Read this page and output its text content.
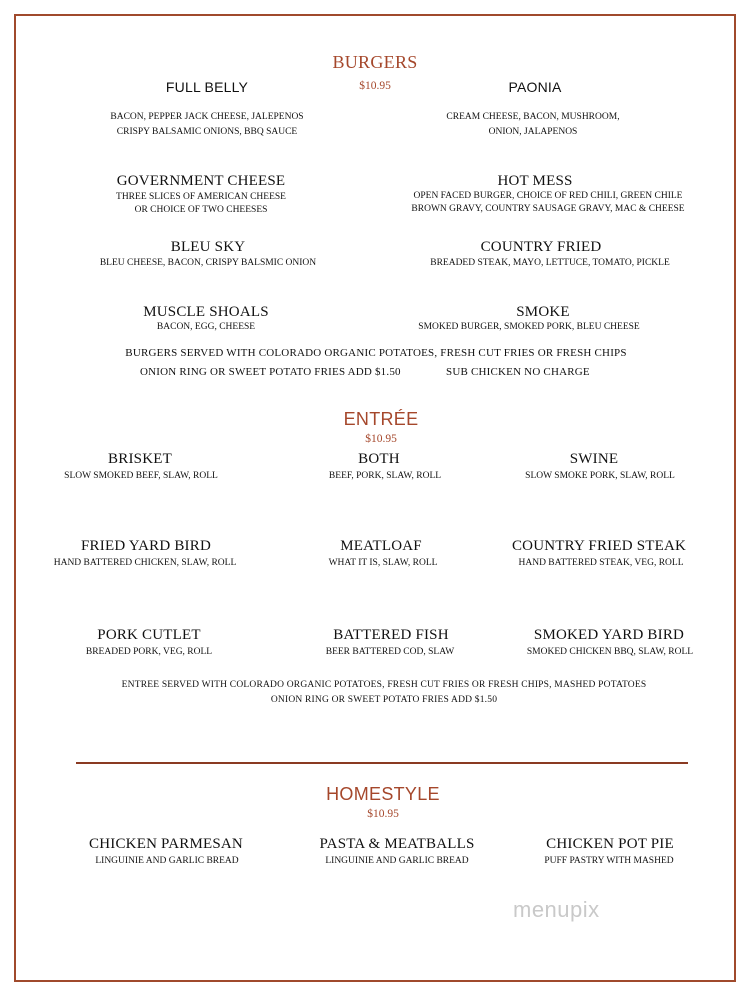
BURGERS
$10.95
FULL BELLY
BACON, PEPPER JACK CHEESE, JALEPENOS
CRISPY BALSAMIC ONIONS, BBQ SAUCE
PAONIA
CREAM CHEESE, BACON, MUSHROOM,
ONION, JALAPENOS
GOVERNMENT CHEESE
THREE SLICES OF AMERICAN CHEESE
OR CHOICE OF TWO CHEESES
HOT MESS
OPEN FACED BURGER, CHOICE OF RED CHILI, GREEN CHILE
BROWN GRAVY, COUNTRY SAUSAGE GRAVY, MAC & CHEESE
BLEU SKY
BLEU CHEESE, BACON, CRISPY BALSMIC ONION
COUNTRY FRIED
BREADED STEAK, MAYO, LETTUCE, TOMATO, PICKLE
MUSCLE SHOALS
BACON, EGG, CHEESE
SMOKE
SMOKED BURGER, SMOKED PORK, BLEU CHEESE
BURGERS SERVED WITH COLORADO ORGANIC POTATOES, FRESH CUT FRIES OR FRESH CHIPS
ONION RING OR SWEET POTATO FRIES ADD $1.50	SUB CHICKEN NO CHARGE
ENTRÉE
$10.95
BRISKET
SLOW SMOKED BEEF, SLAW, ROLL
BOTH
BEEF, PORK, SLAW, ROLL
SWINE
SLOW SMOKE PORK, SLAW, ROLL
FRIED YARD BIRD
HAND BATTERED CHICKEN, SLAW, ROLL
MEATLOAF
WHAT IT IS, SLAW, ROLL
COUNTRY FRIED STEAK
HAND BATTERED STEAK, VEG, ROLL
PORK CUTLET
BREADED PORK, VEG, ROLL
BATTERED FISH
BEER BATTERED COD, SLAW
SMOKED YARD BIRD
SMOKED CHICKEN BBQ, SLAW, ROLL
ENTREE SERVED WITH COLORADO ORGANIC POTATOES, FRESH CUT FRIES OR FRESH CHIPS, MASHED POTATOES
ONION RING OR SWEET POTATO FRIES ADD $1.50
HOMESTYLE
$10.95
CHICKEN PARMESAN
LINGUINIE AND GARLIC BREAD
PASTA & MEATBALLS
LINGUINIE AND GARLIC BREAD
CHICKEN POT PIE
PUFF PASTRY WITH MASHED
menupix
